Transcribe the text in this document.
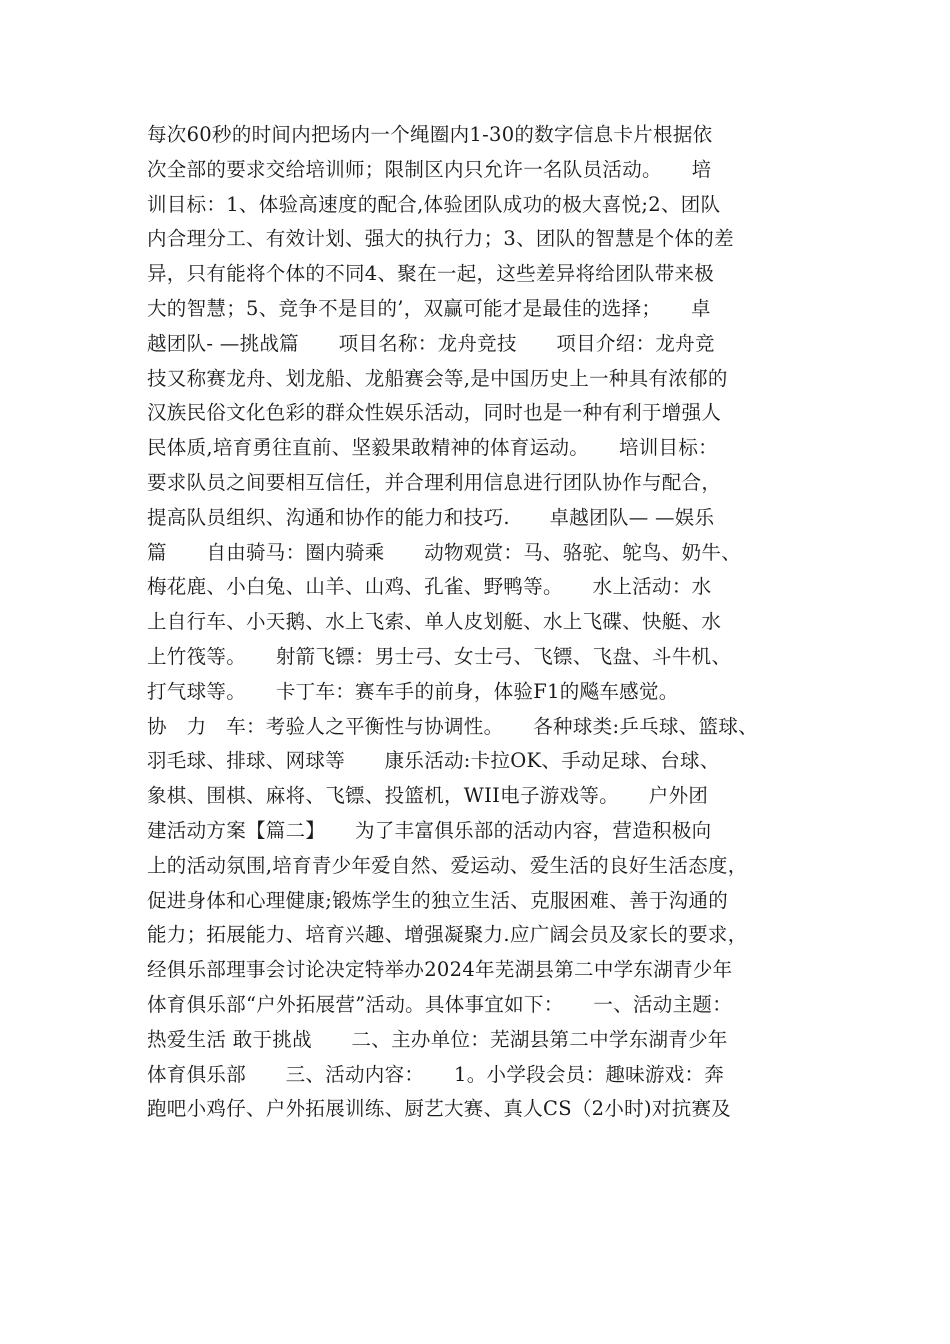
每次60秒的时间内把场内一个绳圈内1-30的数字信息卡片根据依
次全部的要求交给培训师；限制区内只允许一名队员活动。　　培
训目标：1、体验高速度的配合,体验团队成功的极大喜悦;2、团队
内合理分工、有效计划、强大的执行力；3、团队的智慧是个体的差
异，只有能将个体的不同4、聚在一起，这些差异将给团队带来极
大的智慧；5、竞争不是目的’，双赢可能才是最佳的选择；　　卓
越团队- —挑战篇　　项目名称：龙舟竞技　　项目介绍：龙舟竞
技又称赛龙舟、划龙船、龙船赛会等,是中国历史上一种具有浓郁的
汉族民俗文化色彩的群众性娱乐活动，同时也是一种有利于增强人
民体质,培育勇往直前、坚毅果敢精神的体育运动。　　培训目标：
要求队员之间要相互信任，并合理利用信息进行团队协作与配合，
提高队员组织、沟通和协作的能力和技巧.　　卓越团队— —娱乐
篇　　自由骑马：圈内骑乘　　动物观赏：马、骆驼、鸵鸟、奶牛、
梅花鹿、小白兔、山羊、山鸡、孔雀、野鸭等。　　水上活动：水
上自行车、小天鹅、水上飞索、单人皮划艇、水上飞碟、快艇、水
上竹筏等。　　射箭飞镖：男士弓、女士弓、飞镖、飞盘、斗牛机、
打气球等。　　卡丁车：赛车手的前身，体验F1的飚车感觉。
协　力　车：考验人之平衡性与协调性。　　各种球类:乒乓球、篮球、
羽毛球、排球、网球等　　康乐活动:卡拉OK、手动足球、台球、
象棋、围棋、麻将、飞镖、投篮机，WII电子游戏等。　　户外团
建活动方案【篇二】　　为了丰富俱乐部的活动内容，营造积极向
上的活动氛围,培育青少年爱自然、爱运动、爱生活的良好生活态度，
促进身体和心理健康;锻炼学生的独立生活、克服困难、善于沟通的
能力；拓展能力、培育兴趣、增强凝聚力.应广阔会员及家长的要求，
经俱乐部理事会讨论决定特举办2024年芜湖县第二中学东湖青少年
体育俱乐部“户外拓展营”活动。具体事宜如下：　　一、活动主题：
热爱生活 敢于挑战　　二、主办单位：芜湖县第二中学东湖青少年
体育俱乐部　　三、活动内容：　　1。小学段会员：趣味游戏：奔
跑吧小鸡仔、户外拓展训练、厨艺大赛、真人CS（2小时)对抗赛及
